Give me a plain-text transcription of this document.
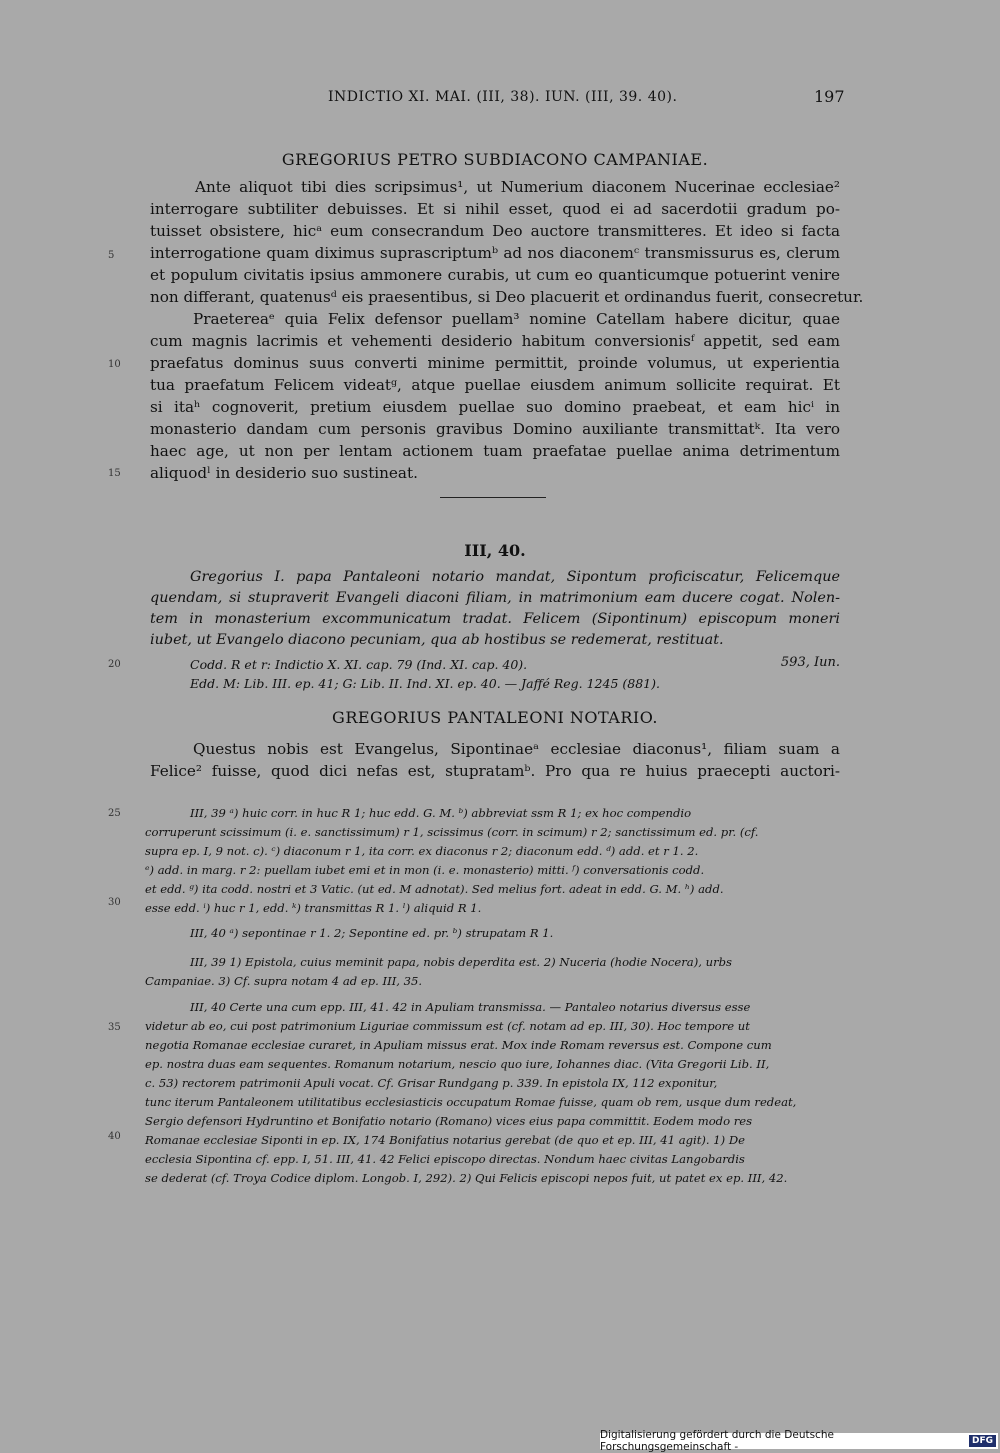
INDICTIO XI. MAI. (III, 38). IUN. (III, 39. 40).	197
GREGORIUS PETRO SUBDIACONO CAMPANIAE.
Ante aliquot tibi dies scripsimus¹, ut Numerium diaconem Nucerinae ecclesiae²
interrogare subtiliter debuisses. Et si nihil esset, quod ei ad sacerdotii gradum po-
tuisset obsistere, hicᵃ eum consecrandum Deo auctore transmitteres. Et ideo si facta
interrogatione quam diximus suprascriptumᵇ ad nos diaconemᶜ transmissurus es, clerum
et populum civitatis ipsius ammonere curabis, ut cum eo quanticumque potuerint venire
non differant, quatenusᵈ eis praesentibus, si Deo placuerit et ordinandus fuerit, consecretur.
Praetereaᵉ quia Felix defensor puellam³ nomine Catellam habere dicitur, quae
cum magnis lacrimis et vehementi desiderio habitum conversionisᶠ appetit, sed eam
praefatus dominus suus converti minime permittit, proinde volumus, ut experientia
tua praefatum Felicem videatᵍ, atque puellae eiusdem animum sollicite requirat. Et
si itaʰ cognoverit, pretium eiusdem puellae suo domino praebeat, et eam hicⁱ in
monasterio dandam cum personis gravibus Domino auxiliante transmittatᵏ. Ita vero
haec age, ut non per lentam actionem tuam praefatae puellae anima detrimentum
aliquodˡ in desiderio suo sustineat.
5
10
15
20
25
30
35
40
III, 40.
Gregorius I. papa Pantaleoni notario mandat, Sipontum proficiscatur, Felicemque
quendam, si stupraverit Evangeli diaconi filiam, in matrimonium eam ducere cogat. Nolen-
tem in monasterium excommunicatum tradat. Felicem (Sipontinum) episcopum moneri
iubet, ut Evangelo diacono pecuniam, qua ab hostibus se redemerat, restituat.
Codd. R et r: Indictio X. XI. cap. 79 (Ind. XI. cap. 40).	593, Iun.
Edd. M: Lib. III. ep. 41; G: Lib. II. Ind. XI. ep. 40. — Jaffé Reg. 1245 (881).
GREGORIUS PANTALEONI NOTARIO.
Questus nobis est Evangelus, Sipontinaeᵃ ecclesiae diaconus¹, filiam suam a
Felice² fuisse, quod dici nefas est, stupratamᵇ. Pro qua re huius praecepti auctori-
III, 39 ᵃ) huic corr. in huc R 1; huc edd. G. M. ᵇ) abbreviat ssm R 1; ex hoc compendio
corruperunt scissimum (i. e. sanctissimum) r 1, scissimus (corr. in scimum) r 2; sanctissimum ed. pr. (cf.
supra ep. I, 9 not. c). ᶜ) diaconum r 1, ita corr. ex diaconus r 2; diaconum edd. ᵈ) add. et r 1. 2.
ᵉ) add. in marg. r 2: puellam iubet emi et in mon (i. e. monasterio) mitti. ᶠ) conversationis codd.
et edd. ᵍ) ita codd. nostri et 3 Vatic. (ut ed. M adnotat). Sed melius fort. adeat in edd. G. M. ʰ) add.
esse edd. ⁱ) huc r 1, edd. ᵏ) transmittas R 1. ˡ) aliquid R 1.
III, 40 ᵃ) sepontinae r 1. 2; Sepontine ed. pr. ᵇ) strupatam R 1.
III, 39 1) Epistola, cuius meminit papa, nobis deperdita est. 2) Nuceria (hodie Nocera), urbs
Campaniae. 3) Cf. supra notam 4 ad ep. III, 35.
III, 40 Certe una cum epp. III, 41. 42 in Apuliam transmissa. — Pantaleo notarius diversus esse
videtur ab eo, cui post patrimonium Liguriae commissum est (cf. notam ad ep. III, 30). Hoc tempore ut
negotia Romanae ecclesiae curaret, in Apuliam missus erat. Mox inde Romam reversus est. Compone cum
ep. nostra duas eam sequentes. Romanum notarium, nescio quo iure, Iohannes diac. (Vita Gregorii Lib. II,
c. 53) rectorem patrimonii Apuli vocat. Cf. Grisar Rundgang p. 339. In epistola IX, 112 exponitur,
tunc iterum Pantaleonem utilitatibus ecclesiasticis occupatum Romae fuisse, quam ob rem, usque dum redeat,
Sergio defensori Hydruntino et Bonifatio notario (Romano) vices eius papa committit. Eodem modo res
Romanae ecclesiae Siponti in ep. IX, 174 Bonifatius notarius gerebat (de quo et ep. III, 41 agit). 1) De
ecclesia Sipontina cf. epp. I, 51. III, 41. 42 Felici episcopo directas. Nondum haec civitas Langobardis
se dederat (cf. Troya Codice diplom. Longob. I, 292). 2) Qui Felicis episcopi nepos fuit, ut patet ex ep. III, 42.
Digitalisierung gefördert durch die Deutsche Forschungsgemeinschaft -	DFG
